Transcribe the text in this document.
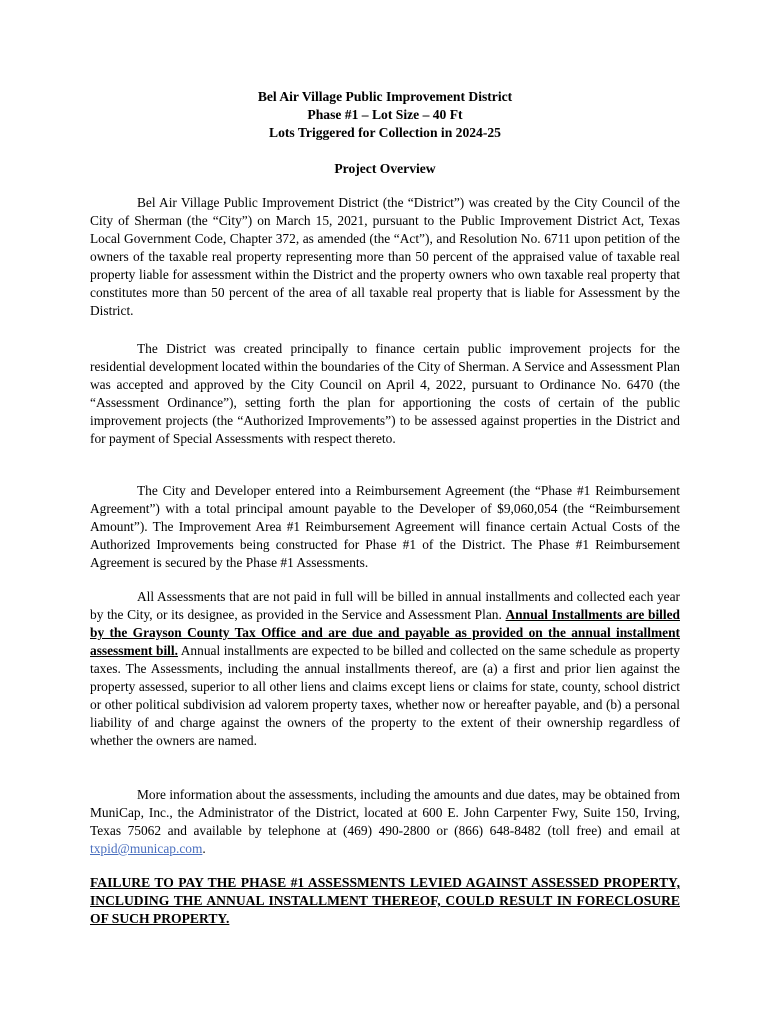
Bel Air Village Public Improvement District
Phase #1 – Lot Size – 40 Ft
Lots Triggered for Collection in 2024-25
Project Overview

Bel Air Village Public Improvement District (the “District”) was created by the City Council of the City of Sherman (the “City”) on March 15, 2021, pursuant to the Public Improvement District Act, Texas Local Government Code, Chapter 372, as amended (the “Act”), and Resolution No. 6711 upon petition of the owners of the taxable real property representing more than 50 percent of the appraised value of taxable real property liable for assessment within the District and the property owners who own taxable real property that constitutes more than 50 percent of the area of all taxable real property that is liable for Assessment by the District.

The District was created principally to finance certain public improvement projects for the residential development located within the boundaries of the City of Sherman. A Service and Assessment Plan was accepted and approved by the City Council on April 4, 2022, pursuant to Ordinance No. 6470 (the “Assessment Ordinance”), setting forth the plan for apportioning the costs of certain of the public improvement projects (the “Authorized Improvements”) to be assessed against properties in the District and for payment of Special Assessments with respect thereto.

The City and Developer entered into a Reimbursement Agreement (the “Phase #1 Reimbursement Agreement”) with a total principal amount payable to the Developer of $9,060,054 (the “Reimbursement Amount”). The Improvement Area #1 Reimbursement Agreement will finance certain Actual Costs of the Authorized Improvements being constructed for Phase #1 of the District. The Phase #1 Reimbursement Agreement is secured by the Phase #1 Assessments.

All Assessments that are not paid in full will be billed in annual installments and collected each year by the City, or its designee, as provided in the Service and Assessment Plan. Annual Installments are billed by the Grayson County Tax Office and are due and payable as provided on the annual installment assessment bill. Annual installments are expected to be billed and collected on the same schedule as property taxes. The Assessments, including the annual installments thereof, are (a) a first and prior lien against the property assessed, superior to all other liens and claims except liens or claims for state, county, school district or other political subdivision ad valorem property taxes, whether now or hereafter payable, and (b) a personal liability of and charge against the owners of the property to the extent of their ownership regardless of whether the owners are named.

More information about the assessments, including the amounts and due dates, may be obtained from MuniCap, Inc., the Administrator of the District, located at 600 E. John Carpenter Fwy, Suite 150, Irving, Texas 75062 and available by telephone at (469) 490-2800 or (866) 648-8482 (toll free) and email at txpid@municap.com.

FAILURE TO PAY THE PHASE #1 ASSESSMENTS LEVIED AGAINST ASSESSED PROPERTY, INCLUDING THE ANNUAL INSTALLMENT THEREOF, COULD RESULT IN FORECLOSURE OF SUCH PROPERTY.
